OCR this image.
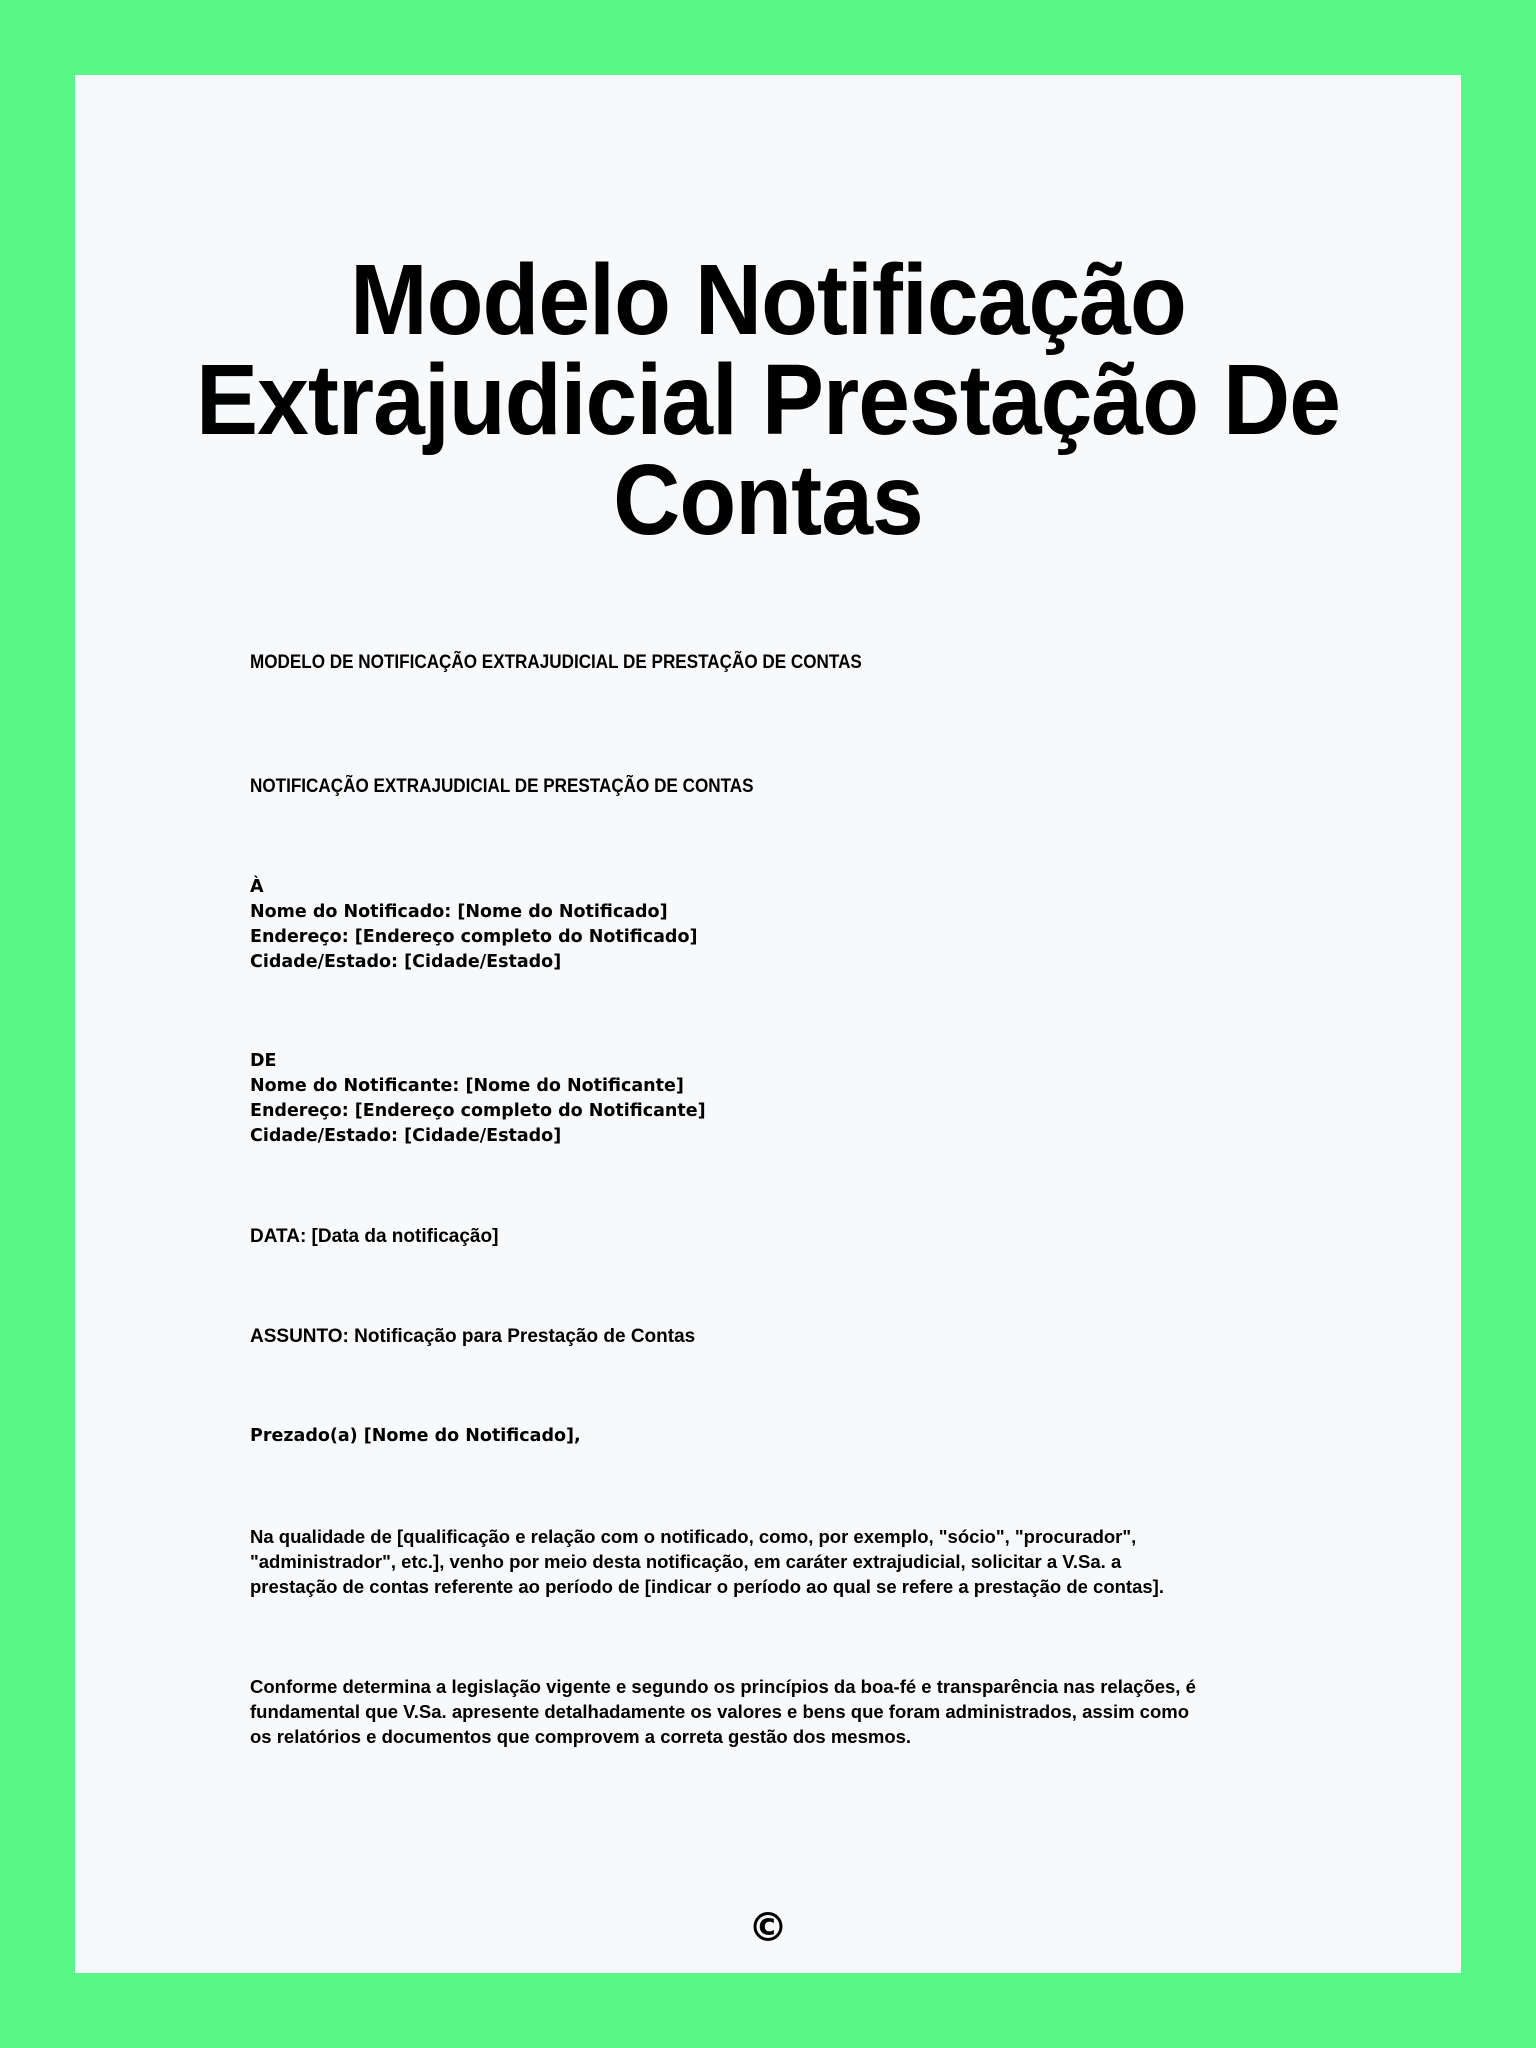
Modelo Notificação
Extrajudicial Prestação De
Contas
MODELO DE NOTIFICAÇÃO EXTRAJUDICIAL DE PRESTAÇÃO DE CONTAS
NOTIFICAÇÃO EXTRAJUDICIAL DE PRESTAÇÃO DE CONTAS
À
Nome do Notificado: [Nome do Notificado]
Endereço: [Endereço completo do Notificado]
Cidade/Estado: [Cidade/Estado]
DE
Nome do Notificante: [Nome do Notificante]
Endereço: [Endereço completo do Notificante]
Cidade/Estado: [Cidade/Estado]
DATA: [Data da notificação]
ASSUNTO: Notificação para Prestação de Contas
Prezado(a) [Nome do Notificado],
Na qualidade de [qualificação e relação com o notificado, como, por exemplo, "sócio", "procurador",
"administrador", etc.], venho por meio desta notificação, em caráter extrajudicial, solicitar a V.Sa. a
prestação de contas referente ao período de [indicar o período ao qual se refere a prestação de contas].
Conforme determina a legislação vigente e segundo os princípios da boa-fé e transparência nas relações, é
fundamental que V.Sa. apresente detalhadamente os valores e bens que foram administrados, assim como
os relatórios e documentos que comprovem a correta gestão dos mesmos.
©
